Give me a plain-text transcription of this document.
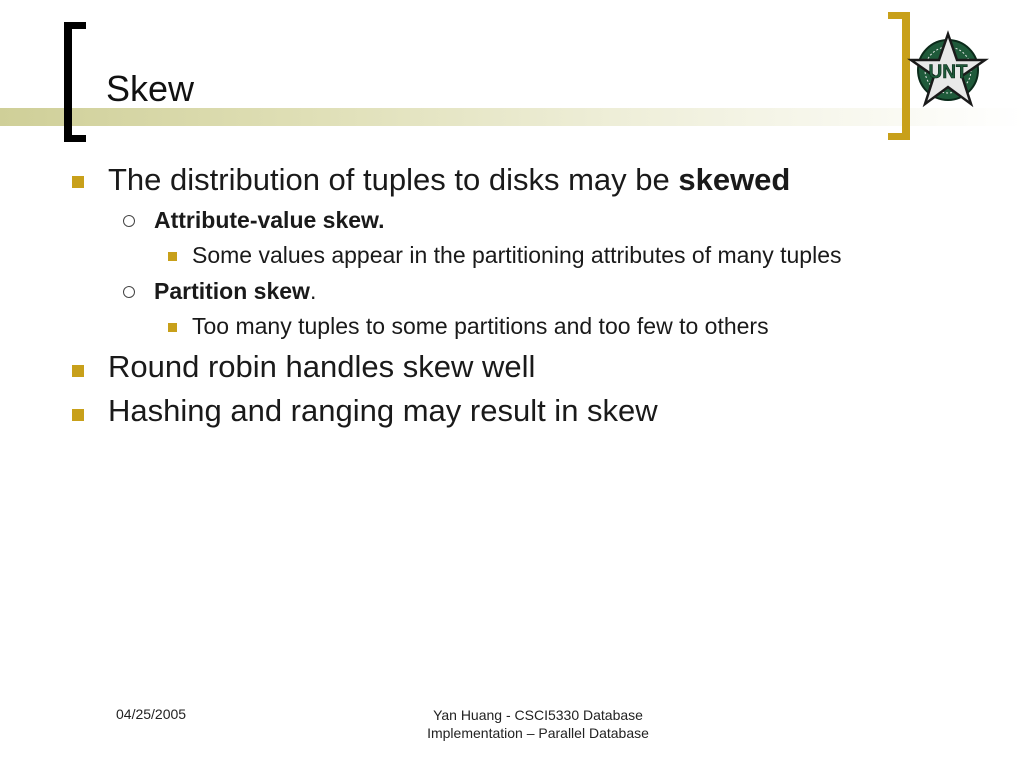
Skew	UNT
The distribution of tuples to disks may be skewed
Attribute-value skew.
Some values appear in the partitioning attributes of many tuples
Partition skew.
Too many tuples to some partitions and too few to others
Round robin handles skew well
Hashing and ranging may result in skew
04/25/2005	Yan Huang - CSCI5330 Database
Implementation – Parallel Database
